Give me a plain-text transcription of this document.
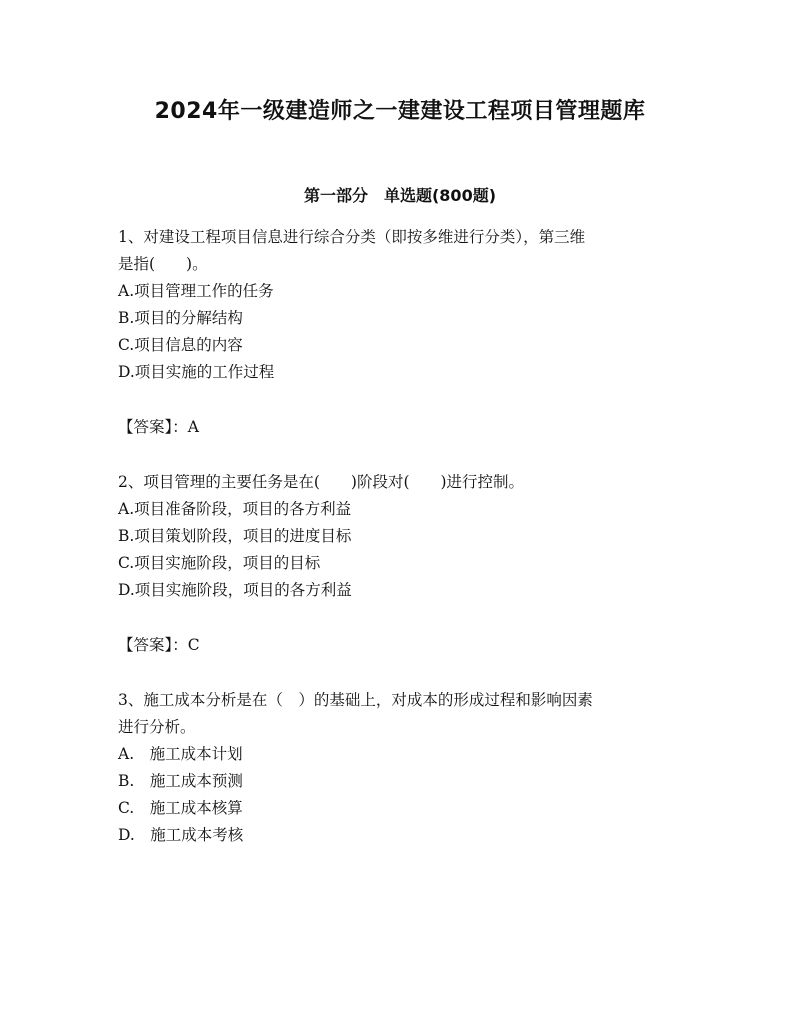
2024年一级建造师之一建建设工程项目管理题库
第一部分　单选题(800题)

1、对建设工程项目信息进行综合分类（即按多维进行分类），第三维

是指(　　)。

A.项目管理工作的任务

B.项目的分解结构

C.项目信息的内容

D.项目实施的工作过程

【答案】：A

2、项目管理的主要任务是在(　　)阶段对(　　)进行控制。

A.项目准备阶段，项目的各方利益

B.项目策划阶段，项目的进度目标

C.项目实施阶段，项目的目标

D.项目实施阶段，项目的各方利益

【答案】：C

3、施工成本分析是在（　）的基础上，对成本的形成过程和影响因素

进行分析。

A.　施工成本计划

B.　施工成本预测

C.　施工成本核算

D.　施工成本考核
